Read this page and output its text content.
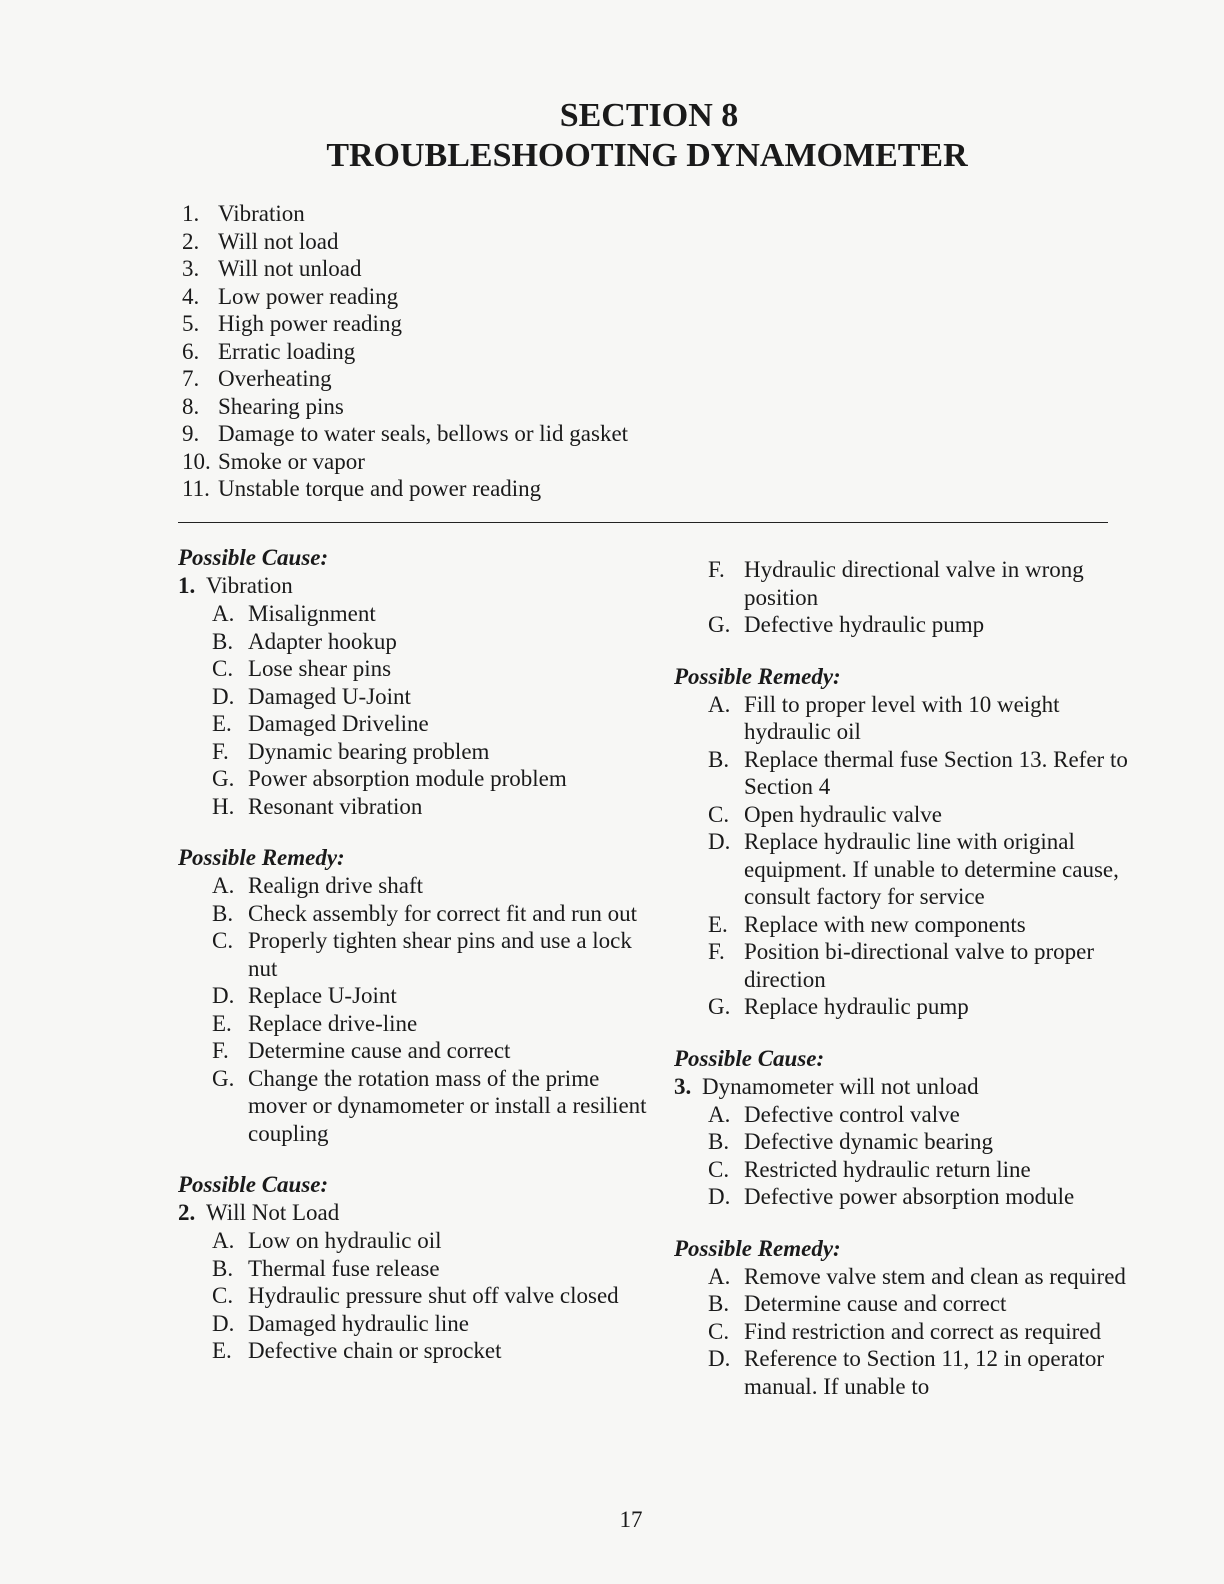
SECTION 8

TROUBLESHOOTING DYNAMOMETER

1. Vibration
2. Will not load
3. Will not unload
4. Low power reading
5. High power reading
6. Erratic loading
7. Overheating
8. Shearing pins
9. Damage to water seals, bellows or lid gasket
10. Smoke or vapor
11. Unstable torque and power reading

Possible Cause:

1. Vibration

A. Misalignment
B. Adapter hookup
C. Lose shear pins
D. Damaged U-Joint
E. Damaged Driveline
F. Dynamic bearing problem
G. Power absorption module problem
H. Resonant vibration

Possible Remedy:

A. Realign drive shaft
B. Check assembly for correct fit and run out
C. Properly tighten shear pins and use a lock nut
D. Replace U-Joint
E. Replace drive-line
F. Determine cause and correct
G. Change the rotation mass of the prime mover or dynamometer or install a resilient coupling

Possible Cause:

2. Will Not Load

A. Low on hydraulic oil
B. Thermal fuse release
C. Hydraulic pressure shut off valve closed
D. Damaged hydraulic line
E. Defective chain or sprocket
F. Hydraulic directional valve in wrong position
G. Defective hydraulic pump

Possible Remedy:

A. Fill to proper level with 10 weight hydraulic oil
B. Replace thermal fuse Section 13. Refer to Section 4
C. Open hydraulic valve
D. Replace hydraulic line with original equipment. If unable to determine cause, consult factory for service
E. Replace with new components
F. Position bi-directional valve to proper direction
G. Replace hydraulic pump

Possible Cause:

3. Dynamometer will not unload

A. Defective control valve
B. Defective dynamic bearing
C. Restricted hydraulic return line
D. Defective power absorption module

Possible Remedy:

A. Remove valve stem and clean as required
B. Determine cause and correct
C. Find restriction and correct as required
D. Reference to Section 11, 12 in operator manual. If unable to
17
